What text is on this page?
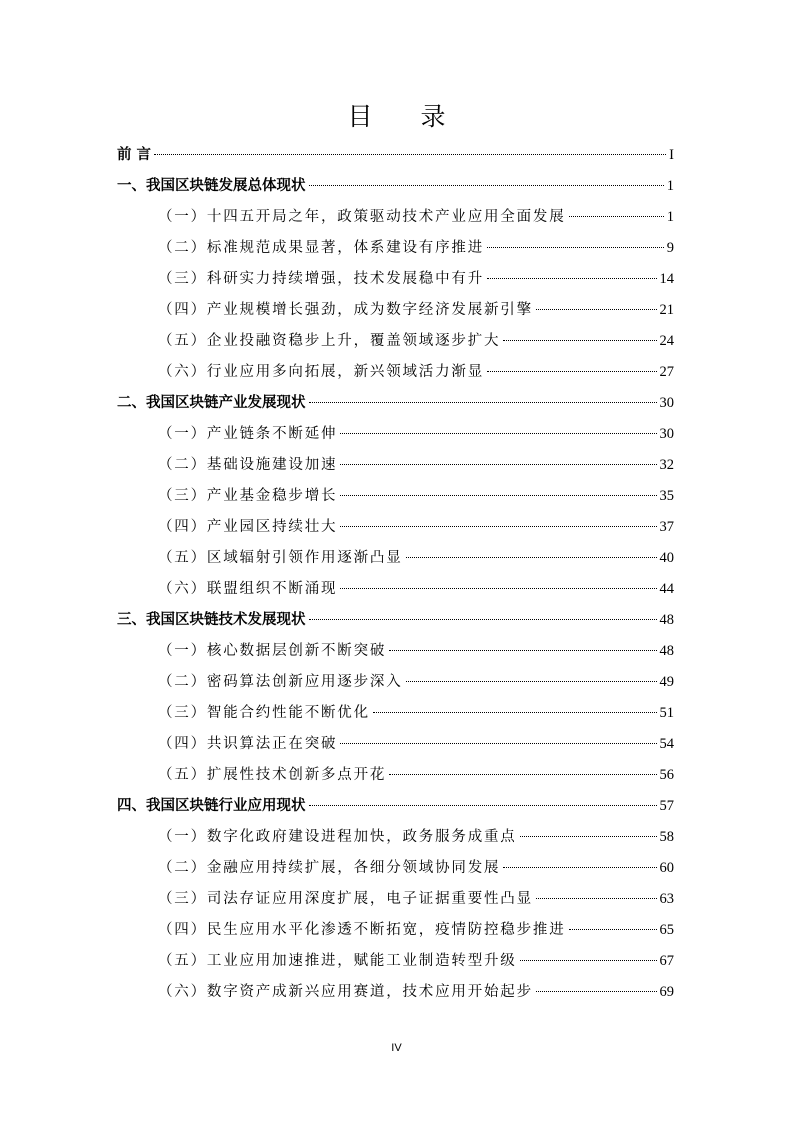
目 录
前 言	I
一、我国区块链发展总体现状	1
（一）十四五开局之年，政策驱动技术产业应用全面发展	1
（二）标准规范成果显著，体系建设有序推进	9
（三）科研实力持续增强，技术发展稳中有升	14
（四）产业规模增长强劲，成为数字经济发展新引擎	21
（五）企业投融资稳步上升，覆盖领域逐步扩大	24
（六）行业应用多向拓展，新兴领域活力渐显	27
二、我国区块链产业发展现状	30
（一）产业链条不断延伸	30
（二）基础设施建设加速	32
（三）产业基金稳步增长	35
（四）产业园区持续壮大	37
（五）区域辐射引领作用逐渐凸显	40
（六）联盟组织不断涌现	44
三、我国区块链技术发展现状	48
（一）核心数据层创新不断突破	48
（二）密码算法创新应用逐步深入	49
（三）智能合约性能不断优化	51
（四）共识算法正在突破	54
（五）扩展性技术创新多点开花	56
四、我国区块链行业应用现状	57
（一）数字化政府建设进程加快，政务服务成重点	58
（二）金融应用持续扩展，各细分领域协同发展	60
（三）司法存证应用深度扩展，电子证据重要性凸显	63
（四）民生应用水平化渗透不断拓宽，疫情防控稳步推进	65
（五）工业应用加速推进，赋能工业制造转型升级	67
（六）数字资产成新兴应用赛道，技术应用开始起步	69
IV
